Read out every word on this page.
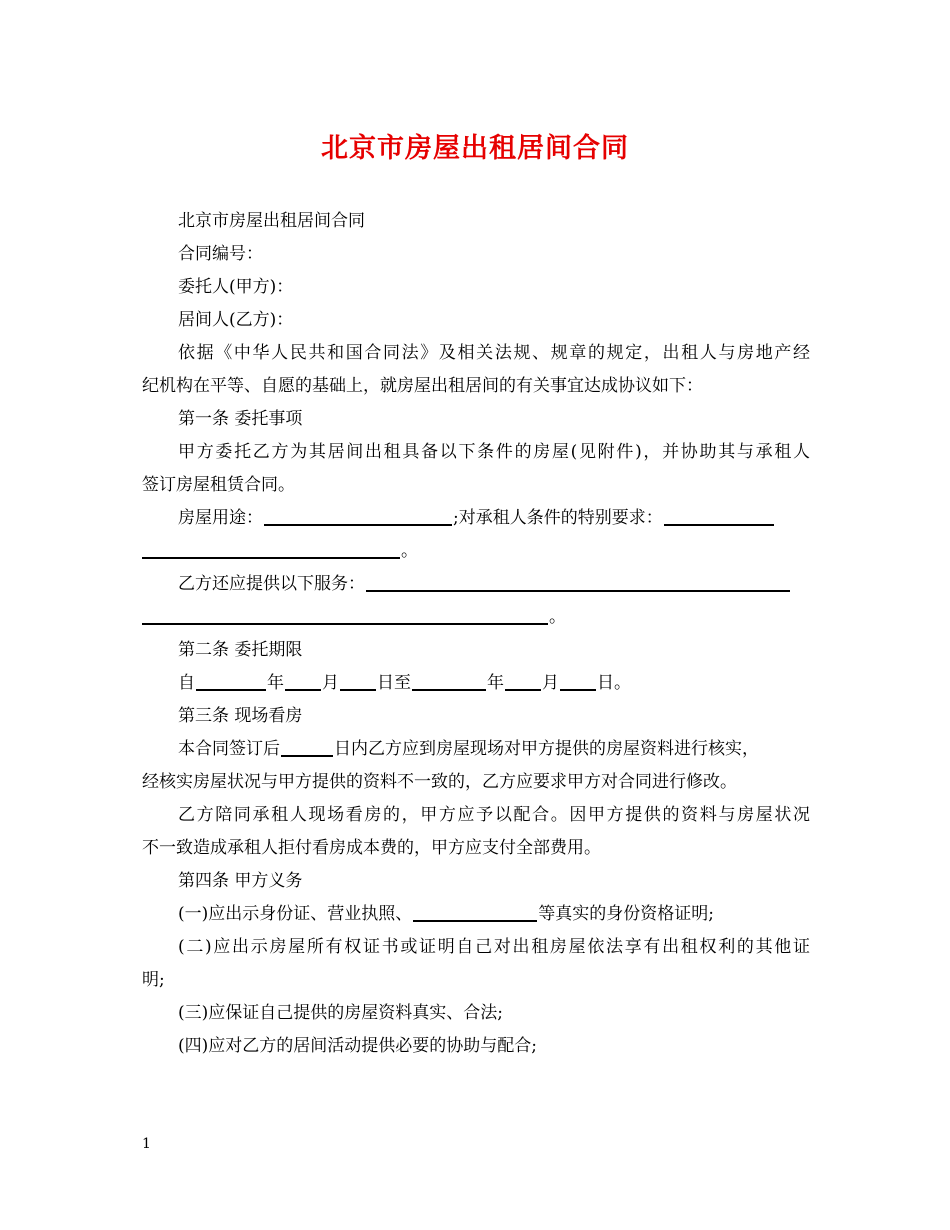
北京市房屋出租居间合同
北京市房屋出租居间合同
合同编号：
委托人(甲方)：
居间人(乙方)：
依据《中华人民共和国合同法》及相关法规、规章的规定，出租人与房地产经
纪机构在平等、自愿的基础上，就房屋出租居间的有关事宜达成协议如下：
第一条 委托事项
甲方委托乙方为其居间出租具备以下条件的房屋(见附件)，并协助其与承租人
签订房屋租赁合同。
房屋用途：	;对承租人条件的特别要求：
。
乙方还应提供以下服务：
。
第二条 委托期限
自	年 月 日至	年 月 日。
第三条 现场看房
本合同签订后	日内乙方应到房屋现场对甲方提供的房屋资料进行核实，
经核实房屋状况与甲方提供的资料不一致的，乙方应要求甲方对合同进行修改。
乙方陪同承租人现场看房的，甲方应予以配合。因甲方提供的资料与房屋状况
不一致造成承租人拒付看房成本费的，甲方应支付全部费用。
第四条 甲方义务
(一)应出示身份证、营业执照、	等真实的身份资格证明;
(二)应出示房屋所有权证书或证明自己对出租房屋依法享有出租权利的其他证
明;
(三)应保证自己提供的房屋资料真实、合法;
(四)应对乙方的居间活动提供必要的协助与配合;
1
